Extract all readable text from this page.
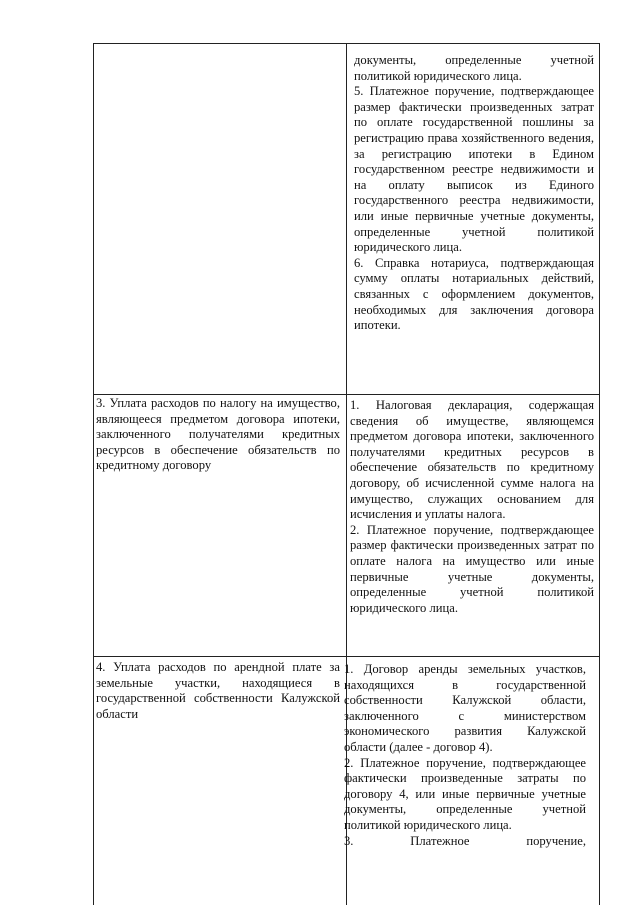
документы, определенные учетной политикой юридического лица.

5. Платежное поручение, подтверждающее размер фактически произведенных затрат по оплате государственной пошлины за регистрацию права хозяйственного ведения, за регистрацию ипотеки в Едином государственном реестре недвижимости и на оплату выписок из Единого государственного реестра недвижимости, или иные первичные учетные документы, определенные учетной политикой юридического лица.

6. Справка нотариуса, подтверждающая сумму оплаты нотариальных действий, связанных с оформлением документов, необходимых для заключения договора ипотеки.

3. Уплата расходов по налогу на имущество, являющееся предметом договора ипотеки, заключенного получателями кредитных ресурсов в обеспечение обязательств по кредитному договору

1. Налоговая декларация, содержащая сведения об имуществе, являющемся предметом договора ипотеки, заключенного получателями кредитных ресурсов в обеспечение обязательств по кредитному договору, об исчисленной сумме налога на имущество, служащих основанием для исчисления и уплаты налога.

2. Платежное поручение, подтверждающее размер фактически произведенных затрат по оплате налога на имущество или иные первичные учетные документы, определенные учетной политикой юридического лица.

4. Уплата расходов по арендной плате за земельные участки, находящиеся в государственной собственности Калужской области

1. Договор аренды земельных участков, находящихся в государственной собственности Калужской области, заключенного с министерством экономического развития Калужской области (далее - договор 4).

2. Платежное поручение, подтверждающее фактически произведенные затраты по договору 4, или иные первичные учетные документы, определенные учетной политикой юридического лица.

3. Платежное поручение,
